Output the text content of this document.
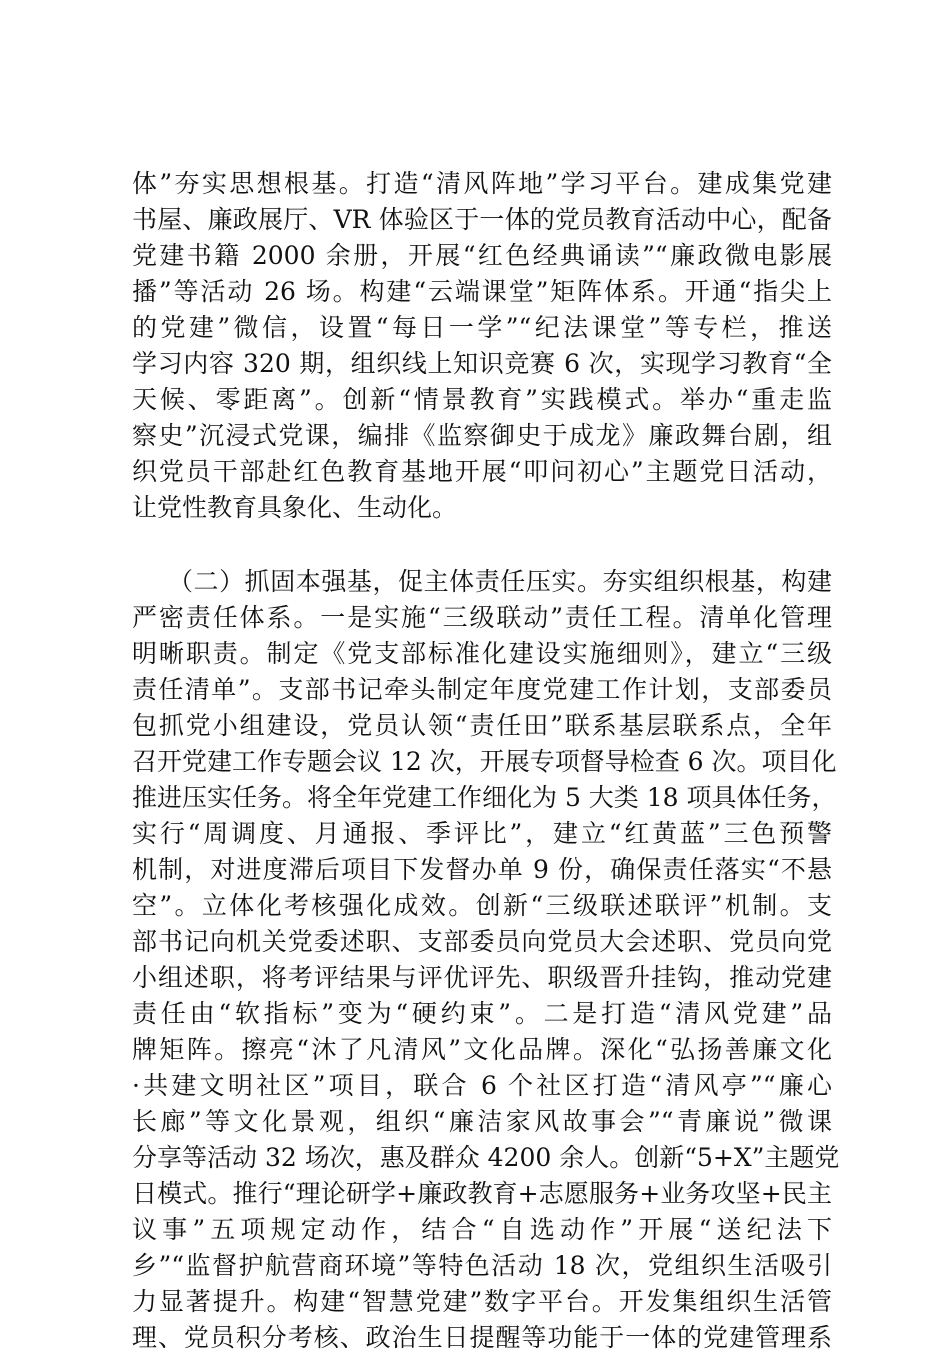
体”夯实思想根基。打造“清风阵地”学习平台。建成集党建
书屋、廉政展厅、VR 体验区于一体的党员教育活动中心，配备
党建书籍 2000 余册，开展“红色经典诵读”“廉政微电影展
播”等活动 26 场。构建“云端课堂”矩阵体系。开通“指尖上
的党建”微信，设置“每日一学”“纪法课堂”等专栏，推送
学习内容 320 期，组织线上知识竞赛 6 次，实现学习教育“全
天候、零距离”。创新“情景教育”实践模式。举办“重走监
察史”沉浸式党课，编排《监察御史于成龙》廉政舞台剧，组
织党员干部赴红色教育基地开展“叩问初心”主题党日活动，
让党性教育具象化、生动化。
（二）抓固本强基，促主体责任压实。夯实组织根基，构建
严密责任体系。一是实施“三级联动”责任工程。清单化管理
明晰职责。制定《党支部标准化建设实施细则》，建立“三级
责任清单”。支部书记牵头制定年度党建工作计划，支部委员
包抓党小组建设，党员认领“责任田”联系基层联系点，全年
召开党建工作专题会议 12 次，开展专项督导检查 6 次。项目化
推进压实任务。将全年党建工作细化为 5 大类 18 项具体任务，
实行“周调度、月通报、季评比”，建立“红黄蓝”三色预警
机制，对进度滞后项目下发督办单 9 份，确保责任落实“不悬
空”。立体化考核强化成效。创新“三级联述联评”机制。支
部书记向机关党委述职、支部委员向党员大会述职、党员向党
小组述职，将考评结果与评优评先、职级晋升挂钩，推动党建
责任由“软指标”变为“硬约束”。二是打造“清风党建”品
牌矩阵。擦亮“沐了凡清风”文化品牌。深化“弘扬善廉文化
·共建文明社区”项目，联合 6 个社区打造“清风亭”“廉心
长廊”等文化景观，组织“廉洁家风故事会”“青廉说”微课
分享等活动 32 场次，惠及群众 4200 余人。创新“5+X”主题党
日模式。推行“理论研学+廉政教育+志愿服务+业务攻坚+民主
议事”五项规定动作，结合“自选动作”开展“送纪法下
乡”“监督护航营商环境”等特色活动 18 次，党组织生活吸引
力显著提升。构建“智慧党建”数字平台。开发集组织生活管
理、党员积分考核、政治生日提醒等功能于一体的党建管理系
